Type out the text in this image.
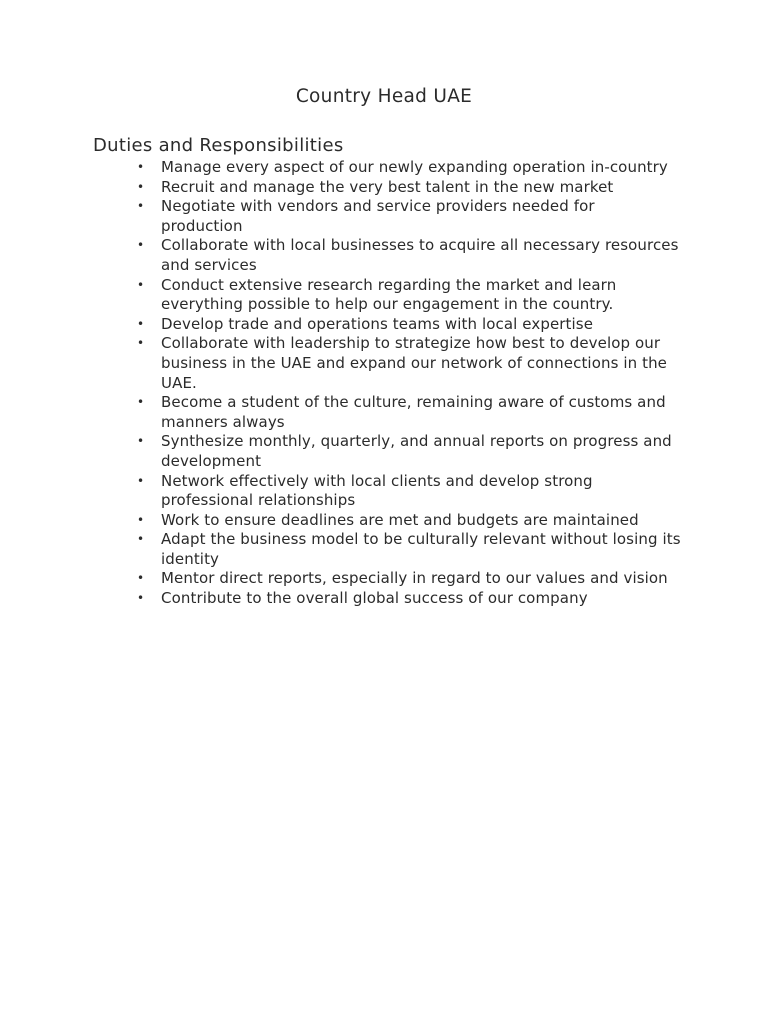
Country Head UAE
Duties and Responsibilities
• Manage every aspect of our newly expanding operation in-country
• Recruit and manage the very best talent in the new market
• Negotiate with vendors and service providers needed for production
• Collaborate with local businesses to acquire all necessary resources and services
• Conduct extensive research regarding the market and learn everything possible to help our engagement in the country.
• Develop trade and operations teams with local expertise
• Collaborate with leadership to strategize how best to develop our business in the UAE and expand our network of connections in the UAE.
• Become a student of the culture, remaining aware of customs and manners always
• Synthesize monthly, quarterly, and annual reports on progress and development
• Network effectively with local clients and develop strong professional relationships
• Work to ensure deadlines are met and budgets are maintained
• Adapt the business model to be culturally relevant without losing its identity
• Mentor direct reports, especially in regard to our values and vision
• Contribute to the overall global success of our company
